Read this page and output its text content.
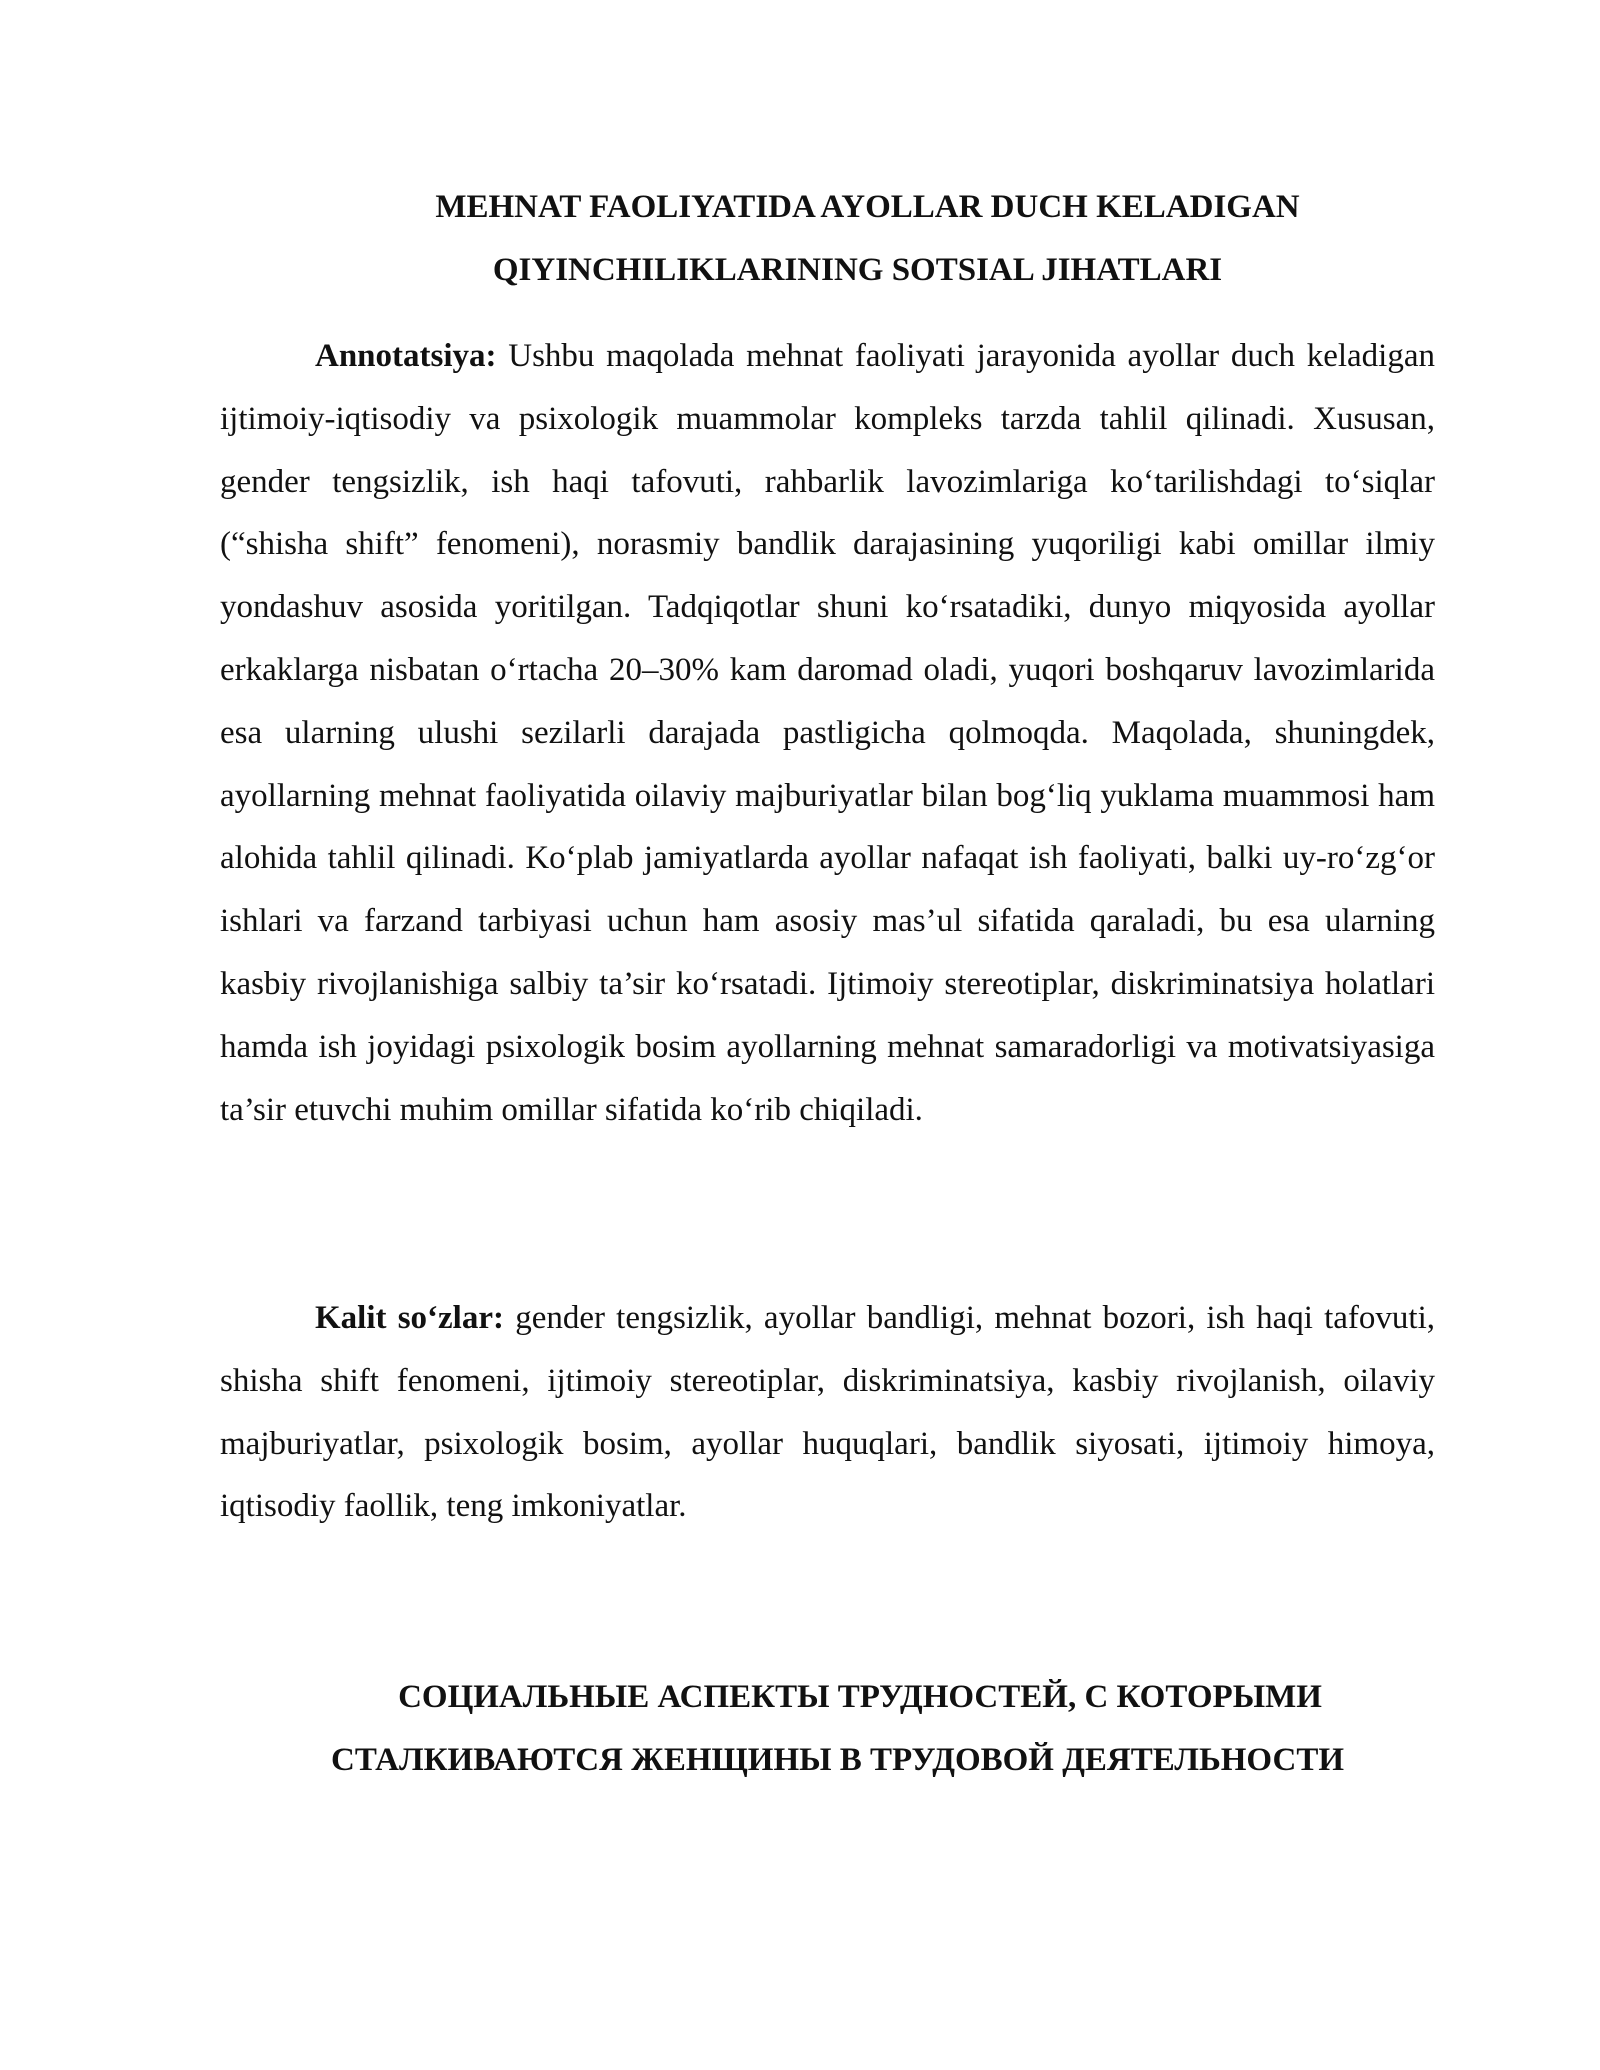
MEHNAT FAOLIYATIDA AYOLLAR DUCH KELADIGAN
QIYINCHILIKLARINING SOTSIAL JIHATLARI

Annotatsiya: Ushbu maqolada mehnat faoliyati jarayonida ayollar duch keladigan ijtimoiy-iqtisodiy va psixologik muammolar kompleks tarzda tahlil qilinadi. Xususan, gender tengsizlik, ish haqi tafovuti, rahbarlik lavozimlariga ko‘tarilishdagi to‘siqlar (“shisha shift” fenomeni), norasmiy bandlik darajasining yuqoriligi kabi omillar ilmiy yondashuv asosida yoritilgan. Tadqiqotlar shuni ko‘rsatadiki, dunyo miqyosida ayollar erkaklarga nisbatan o‘rtacha 20–30% kam daromad oladi, yuqori boshqaruv lavozimlarida esa ularning ulushi sezilarli darajada pastligicha qolmoqda. Maqolada, shuningdek, ayollarning mehnat faoliyatida oilaviy majburiyatlar bilan bog‘liq yuklama muammosi ham alohida tahlil qilinadi. Ko‘plab jamiyatlarda ayollar nafaqat ish faoliyati, balki uy-ro‘zg‘or ishlari va farzand tarbiyasi uchun ham asosiy mas’ul sifatida qaraladi, bu esa ularning kasbiy rivojlanishiga salbiy ta’sir ko‘rsatadi. Ijtimoiy stereotiplar, diskriminatsiya holatlari hamda ish joyidagi psixologik bosim ayollarning mehnat samaradorligi va motivatsiyasiga ta’sir etuvchi muhim omillar sifatida ko‘rib chiqiladi.

Kalit so‘zlar: gender tengsizlik, ayollar bandligi, mehnat bozori, ish haqi tafovuti, shisha shift fenomeni, ijtimoiy stereotiplar, diskriminatsiya, kasbiy rivojlanish, oilaviy majburiyatlar, psixologik bosim, ayollar huquqlari, bandlik siyosati, ijtimoiy himoya, iqtisodiy faollik, teng imkoniyatlar.

СОЦИАЛЬНЫЕ АСПЕКТЫ ТРУДНОСТЕЙ, С КОТОРЫМИ
СТАЛКИВАЮТСЯ ЖЕНЩИНЫ В ТРУДОВОЙ ДЕЯТЕЛЬНОСТИ
